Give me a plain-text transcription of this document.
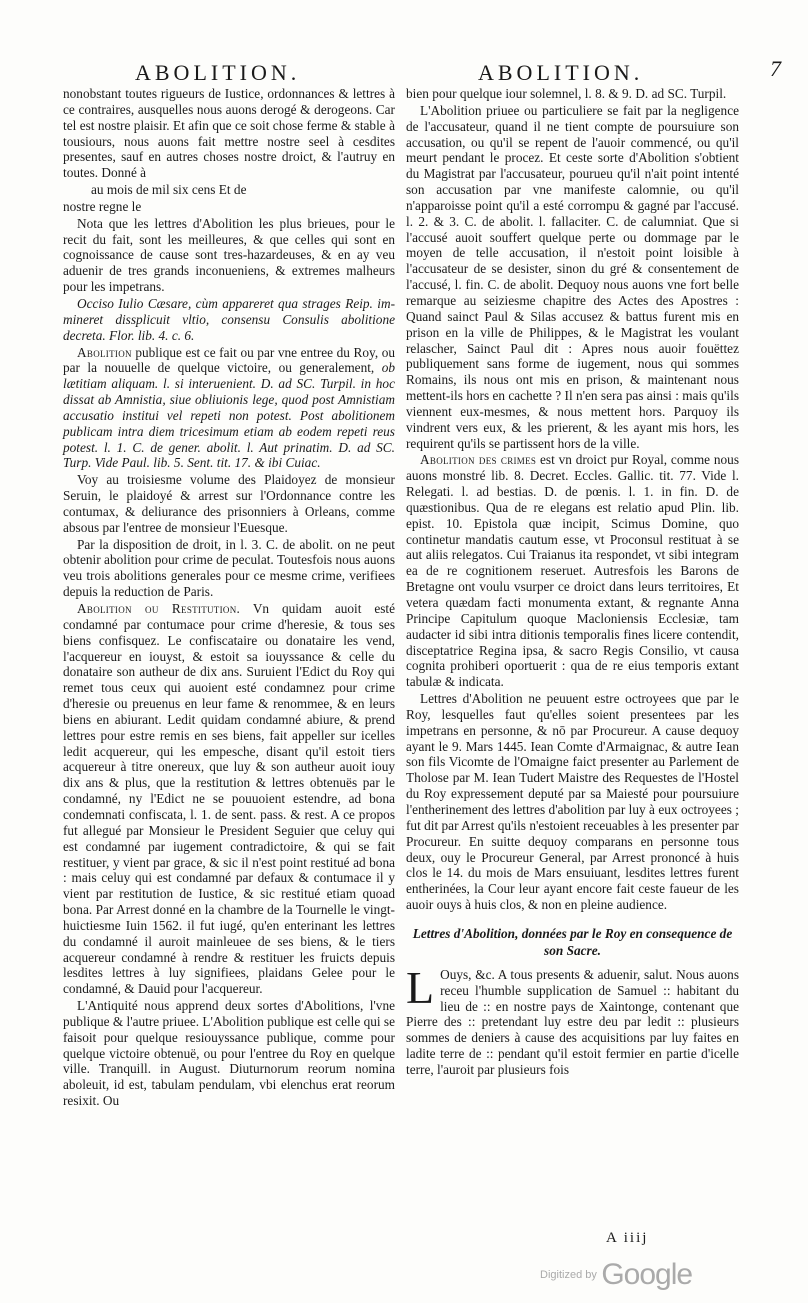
ABOLITION.	ABOLITION.	7

nonobstant toutes rigueurs de Iustice, ordonnances & lettres à ce contraires, ausquelles nous auons derogé & derogeons. Car tel est nostre plaisir. Et afin que ce soit chose ferme & stable à tousiours, nous auons fait mettre nostre seel à cesdites presentes, sauf en autres choses nostre droict, & l'autruy en toutes. Donné à

au mois de mil six cens Et de

nostre regne le

Nota que les lettres d'Abolition les plus brieues, pour le recit du fait, sont les meilleures, & que celles qui sont en cognoissance de cause sont tres-hazardeuses, & en ay veu aduenir de tres grands inconueniens, & extremes malheurs pour les impetrans.

Occiso Iulio Cæsare, cùm appareret qua strages Reip. im-mineret dissplicuit vltio, consensu Consulis abolitione decreta. Flor. lib. 4. c. 6.

Abolition publique est ce fait ou par vne entree du Roy, ou par la nouuelle de quelque victoire, ou generalement, ob lætitiam aliquam. l. si interuenient. D. ad SC. Turpil. in hoc dissat ab Amnistia, siue obliuionis lege, quod post Amnistiam accusatio institui vel repeti non potest. Post abolitionem publicam intra diem tricesimum etiam ab eodem repeti reus potest. l. 1. C. de gener. abolit. l. Aut prinatim. D. ad SC. Turp. Vide Paul. lib. 5. Sent. tit. 17. & ibi Cuiac.

Voy au troisiesme volume des Plaidoyez de monsieur Seruin, le plaidoyé & arrest sur l'Ordonnance contre les contumax, & deliurance des prisonniers à Orleans, comme absous par l'entree de monsieur l'Euesque.

Par la disposition de droit, in l. 3. C. de abolit. on ne peut obtenir abolition pour crime de peculat. Toutesfois nous auons veu trois abolitions generales pour ce mesme crime, verifiees depuis la reduction de Paris.

Abolition ou Restitution. Vn quidam auoit esté condamné par contumace pour crime d'heresie, & tous ses biens confisquez. Le confiscataire ou donataire les vend, l'acquereur en iouyst, & estoit sa iouyssance & celle du donataire son autheur de dix ans. Suruient l'Edict du Roy qui remet tous ceux qui auoient esté condamnez pour crime d'heresie ou preuenus en leur fame & renommee, & en leurs biens en abiurant. Ledit quidam condamné abiure, & prend lettres pour estre remis en ses biens, fait appeller sur icelles ledit acquereur, qui les empesche, disant qu'il estoit tiers acquereur à titre onereux, que luy & son autheur auoit iouy dix ans & plus, que la restitution & lettres obtenuës par le condamné, ny l'Edict ne se pouuoient estendre, ad bona condemnati confiscata, l. 1. de sent. pass. & rest. A ce propos fut allegué par Monsieur le President Seguier que celuy qui est condamné par iugement contradictoire, & qui se fait restituer, y vient par grace, & sic il n'est point restitué ad bona : mais celuy qui est condamné par defaux & contumace il y vient par restitution de Iustice, & sic restitué etiam quoad bona. Par Arrest donné en la chambre de la Tournelle le vingt-huictiesme Iuin 1562. il fut iugé, qu'en enterinant les lettres du condamné il auroit mainleuee de ses biens, & le tiers acquereur condamné à rendre & restituer les fruicts depuis lesdites lettres à luy signifiees, plaidans Gelee pour le condamné, & Dauid pour l'acquereur.

L'Antiquité nous apprend deux sortes d'Abolitions, l'vne publique & l'autre priuee. L'Abolition publique est celle qui se faisoit pour quelque resiouyssance publique, comme pour quelque victoire obtenuë, ou pour l'entree du Roy en quelque ville. Tranquill. in August. Diuturnorum reorum nomina aboleuit, id est, tabulam pendulam, vbi elenchus erat reorum resixit. Ou

bien pour quelque iour solemnel, l. 8. & 9. D. ad SC. Turpil.

L'Abolition priuee ou particuliere se fait par la negligence de l'accusateur, quand il ne tient compte de poursuiure son accusation, ou qu'il se repent de l'auoir commencé, ou qu'il meurt pendant le procez. Et ceste sorte d'Abolition s'obtient du Magistrat par l'accusateur, pourueu qu'il n'ait point intenté son accusation par vne manifeste calomnie, ou qu'il n'apparoisse point qu'il a esté corrompu & gagné par l'accusé. l. 2. & 3. C. de abolit. l. fallaciter. C. de calumniat. Que si l'accusé auoit souffert quelque perte ou dommage par le moyen de telle accusation, il n'estoit point loisible à l'accusateur de se desister, sinon du gré & consentement de l'accusé, l. fin. C. de abolit. Dequoy nous auons vne fort belle remarque au seiziesme chapitre des Actes des Apostres : Quand sainct Paul & Silas accusez & battus furent mis en prison en la ville de Philippes, & le Magistrat les voulant relascher, Sainct Paul dit : Apres nous auoir fouëttez publiquement sans forme de iugement, nous qui sommes Romains, ils nous ont mis en prison, & maintenant nous mettent-ils hors en cachette ? Il n'en sera pas ainsi : mais qu'ils viennent eux-mesmes, & nous mettent hors. Parquoy ils vindrent vers eux, & les prierent, & les ayant mis hors, les requirent qu'ils se partissent hors de la ville.

Abolition des crimes est vn droict pur Royal, comme nous auons monstré lib. 8. Decret. Eccles. Gallic. tit. 77. Vide l. Relegati. l. ad bestias. D. de pœnis. l. 1. in fin. D. de quæstionibus. Qua de re elegans est relatio apud Plin. lib. epist. 10. Epistola quæ incipit, Scimus Domine, quo continetur mandatis cautum esse, vt Proconsul restituat à se aut aliis relegatos. Cui Traianus ita respondet, vt sibi integram ea de re cognitionem reseruet. Autresfois les Barons de Bretagne ont voulu vsurper ce droict dans leurs territoires, Et vetera quædam facti monumenta extant, & regnante Anna Principe Capitulum quoque Macloniensis Ecclesiæ, tam audacter id sibi intra ditionis temporalis fines licere contendit, disceptatrice Regina ipsa, & sacro Regis Consilio, vt causa cognita prohiberi oportuerit : qua de re eius temporis extant tabulæ & indicata.

Lettres d'Abolition ne peuuent estre octroyees que par le Roy, lesquelles faut qu'elles soient presentees par les impetrans en personne, & nō par Procureur. A cause dequoy ayant le 9. Mars 1445. Iean Comte d'Armaignac, & autre Iean son fils Vicomte de l'Omaigne faict presenter au Parlement de Tholose par M. Iean Tudert Maistre des Requestes de l'Hostel du Roy expressement deputé par sa Maiesté pour poursuiure l'entherinement des lettres d'abolition par luy à eux octroyees ; fut dit par Arrest qu'ils n'estoient receuables à les presenter par Procureur. En suitte dequoy comparans en personne tous deux, ouy le Procureur General, par Arrest prononcé à huis clos le 14. du mois de Mars ensuiuant, lesdites lettres furent entherinées, la Cour leur ayant encore fait ceste faueur de les auoir ouys à huis clos, & non en pleine audience.

Lettres d'Abolition, données par le Roy en consequence de son Sacre.

L Ouys, &c. A tous presents & aduenir, salut. Nous auons receu l'humble supplication de Samuel :: habitant du lieu de :: en nostre pays de Xaintonge, contenant que Pierre des :: pretendant luy estre deu par ledit :: plusieurs sommes de deniers à cause des acquisitions par luy faites en ladite terre de :: pendant qu'il estoit fermier en partie d'icelle terre, l'auroit par plusieurs fois

A iiij
$^{Digitized by}$ Google
